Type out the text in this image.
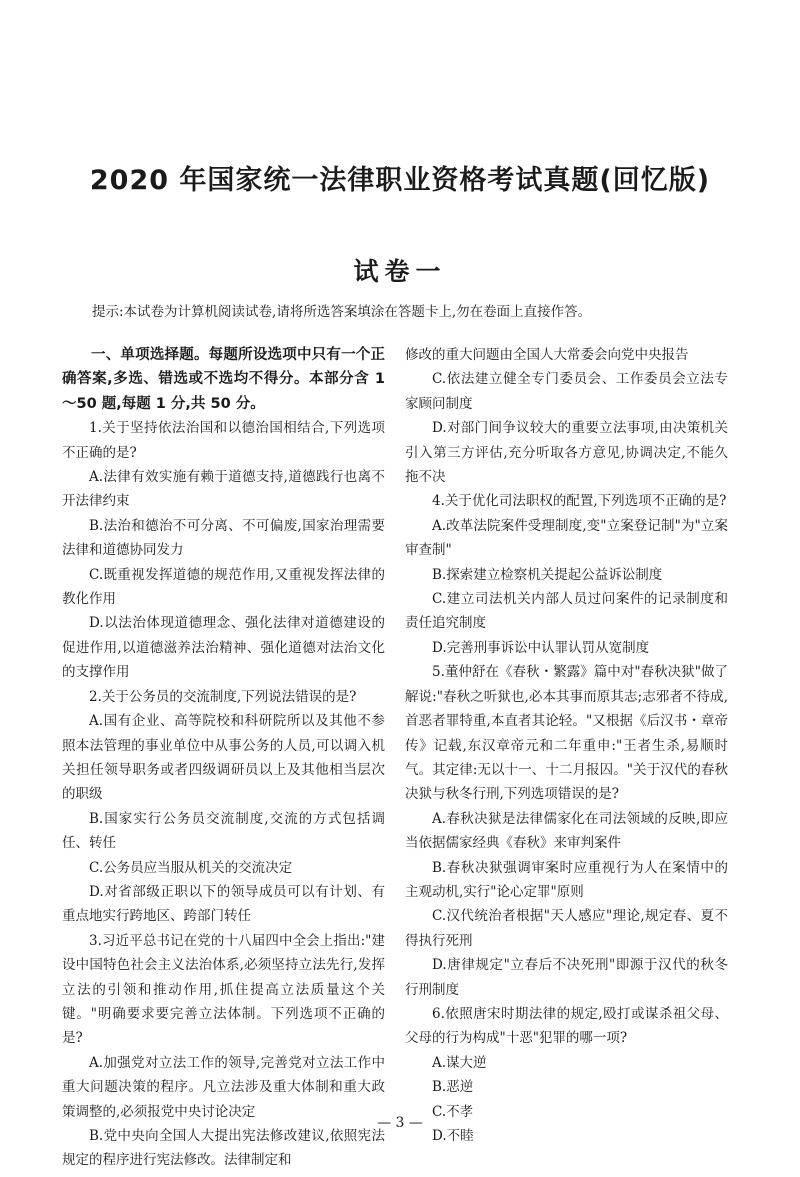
2020 年国家统一法律职业资格考试真题(回忆版)
试卷一

提示:本试卷为计算机阅读试卷,请将所选答案填涂在答题卡上,勿在卷面上直接作答。

一、单项选择题。每题所设选项中只有一个正确答案,多选、错选或不选均不得分。本部分含 1～50 题,每题 1 分,共 50 分。

1.关于坚持依法治国和以德治国相结合,下列选项不正确的是?

A.法律有效实施有赖于道德支持,道德践行也离不开法律约束

B.法治和德治不可分离、不可偏废,国家治理需要法律和道德协同发力

C.既重视发挥道德的规范作用,又重视发挥法律的教化作用

D.以法治体现道德理念、强化法律对道德建设的促进作用,以道德滋养法治精神、强化道德对法治文化的支撑作用

2.关于公务员的交流制度,下列说法错误的是?

A.国有企业、高等院校和科研院所以及其他不参照本法管理的事业单位中从事公务的人员,可以调入机关担任领导职务或者四级调研员以上及其他相当层次的职级

B.国家实行公务员交流制度,交流的方式包括调任、转任

C.公务员应当服从机关的交流决定

D.对省部级正职以下的领导成员可以有计划、有重点地实行跨地区、跨部门转任

3.习近平总书记在党的十八届四中全会上指出:"建设中国特色社会主义法治体系,必须坚持立法先行,发挥立法的引领和推动作用,抓住提高立法质量这个关键。"明确要求要完善立法体制。下列选项不正确的是?

A.加强党对立法工作的领导,完善党对立法工作中重大问题决策的程序。凡立法涉及重大体制和重大政策调整的,必须报党中央讨论决定

B.党中央向全国人大提出宪法修改建议,依照宪法规定的程序进行宪法修改。法律制定和

修改的重大问题由全国人大常委会向党中央报告

C.依法建立健全专门委员会、工作委员会立法专家顾问制度

D.对部门间争议较大的重要立法事项,由决策机关引入第三方评估,充分听取各方意见,协调决定,不能久拖不决

4.关于优化司法职权的配置,下列选项不正确的是?

A.改革法院案件受理制度,变"立案登记制"为"立案审查制"

B.探索建立检察机关提起公益诉讼制度

C.建立司法机关内部人员过问案件的记录制度和责任追究制度

D.完善刑事诉讼中认罪认罚从宽制度

5.董仲舒在《春秋・繁露》篇中对"春秋决狱"做了解说:"春秋之听狱也,必本其事而原其志;志邪者不待成,首恶者罪特重,本直者其论轻。"又根据《后汉书・章帝传》记载,东汉章帝元和二年重申:"王者生杀,易顺时气。其定律:无以十一、十二月报囚。"关于汉代的春秋决狱与秋冬行刑,下列选项错误的是?

A.春秋决狱是法律儒家化在司法领域的反映,即应当依据儒家经典《春秋》来审判案件

B.春秋决狱强调审案时应重视行为人在案情中的主观动机,实行"论心定罪"原则

C.汉代统治者根据"天人感应"理论,规定春、夏不得执行死刑

D.唐律规定"立春后不决死刑"即源于汉代的秋冬行刑制度

6.依照唐宋时期法律的规定,殴打或谋杀祖父母、父母的行为构成"十恶"犯罪的哪一项?

A.谋大逆

B.恶逆

C.不孝

D.不睦

— 3 —
